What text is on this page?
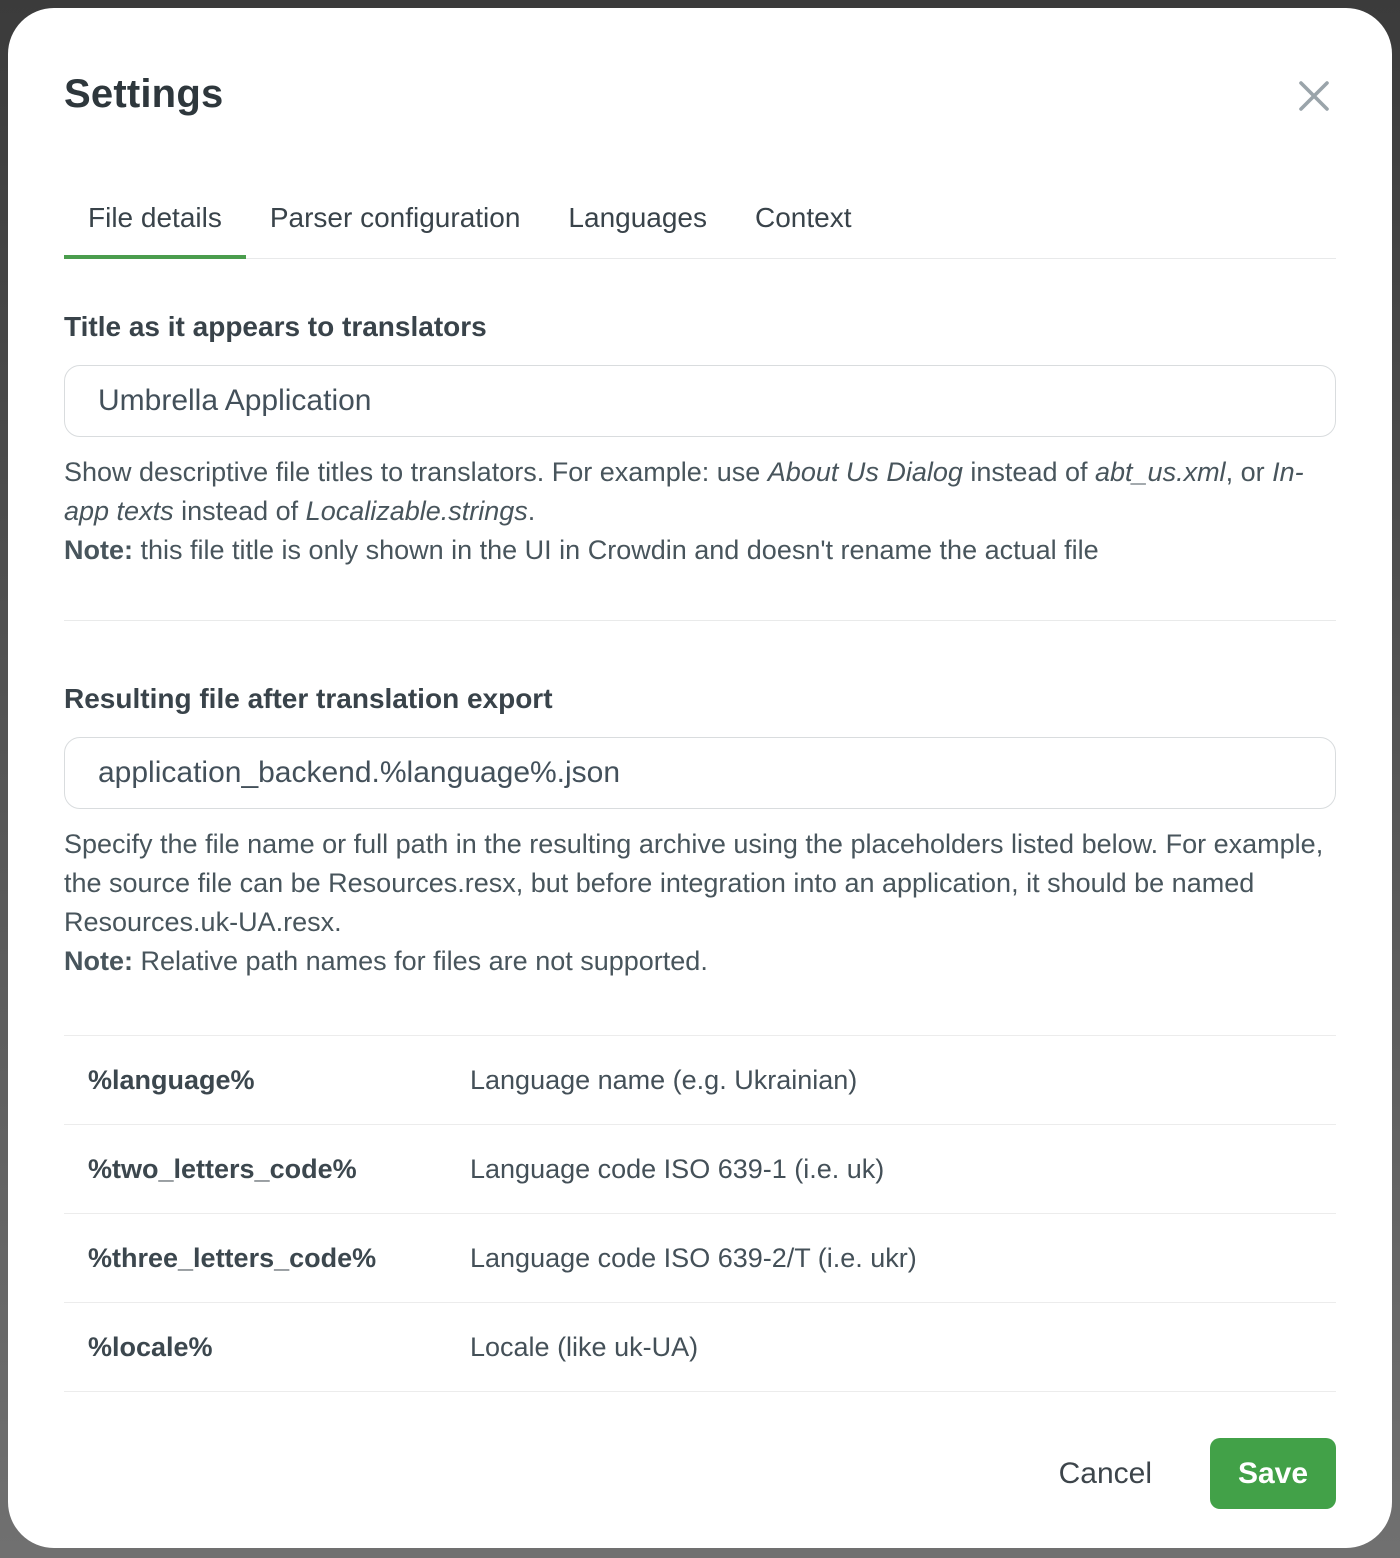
Settings
File details	Parser configuration	Languages	Context
Title as it appears to translators
Umbrella Application
Show descriptive file titles to translators. For example: use About Us Dialog instead of abt_us.xml, or In-app texts instead of Localizable.strings.
Note: this file title is only shown in the UI in Crowdin and doesn't rename the actual file
Resulting file after translation export
application_backend.%language%.json
Specify the file name or full path in the resulting archive using the placeholders listed below. For example, the source file can be Resources.resx, but before integration into an application, it should be named Resources.uk-UA.resx.
Note: Relative path names for files are not supported.
%language%	Language name (e.g. Ukrainian)
%two_letters_code%	Language code ISO 639-1 (i.e. uk)
%three_letters_code%	Language code ISO 639-2/T (i.e. ukr)
%locale%	Locale (like uk-UA)
Cancel	Save
